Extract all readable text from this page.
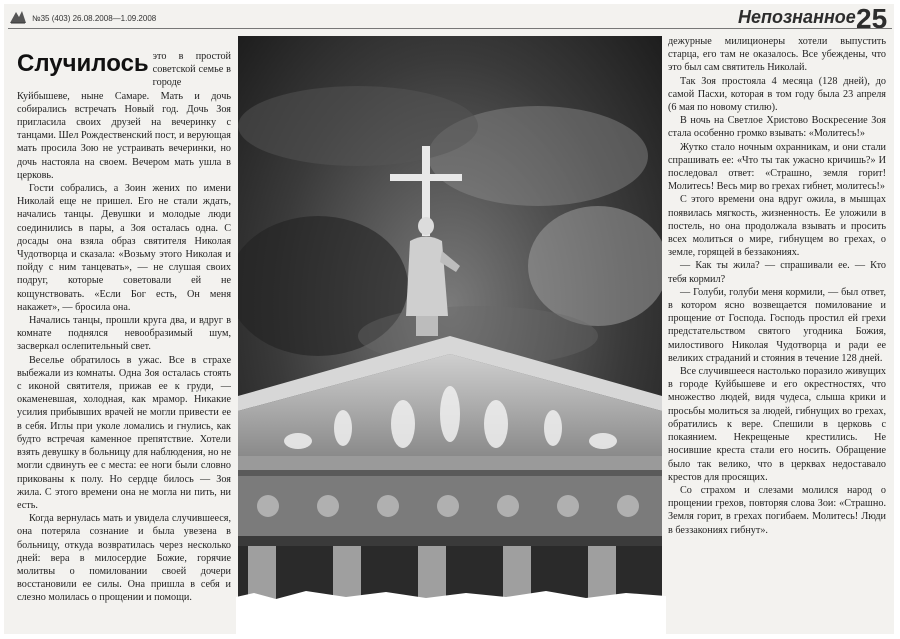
№35 (403) 26.08.2008—1.09.2008	Непознанное 25

Случилось это в простой советской семье в городе Куйбышеве, ныне Самаре. Мать и дочь собирались встречать Новый год. Дочь Зоя пригласила своих друзей на вечеринку с танцами. Шел Рождественский пост, и верующая мать просила Зою не устраивать вечеринки, но дочь настояла на своем. Вечером мать ушла в церковь.

Гости собрались, а Зоин жених по имени Николай еще не пришел. Его не стали ждать, начались танцы. Девушки и молодые люди соединились в пары, а Зоя осталась одна. С досады она взяла образ святителя Николая Чудотворца и сказала: «Возьму этого Николая и пойду с ним танцевать», — не слушая своих подруг, которые советовали ей не кощунствовать. «Если Бог есть, Он меня накажет», — бросила она.

Начались танцы, прошли круга два, и вдруг в комнате поднялся невообразимый шум, засверкал ослепительный свет.

Веселье обратилось в ужас. Все в страхе выбежали из комнаты. Одна Зоя осталась стоять с иконой святителя, прижав ее к груди, — окаменевшая, холодная, как мрамор. Никакие усилия прибывших врачей не могли привести ее в себя. Иглы при уколе ломались и гнулись, как будто встречая каменное препятствие. Хотели взять девушку в больницу для наблюдения, но не могли сдвинуть ее с места: ее ноги были словно прикованы к полу. Но сердце билось — Зоя жила. С этого времени она не могла ни пить, ни есть.

Когда вернулась мать и увидела случившееся, она потеряла сознание и была увезена в больницу, откуда возвратилась через несколько дней: вера в милосердие Божие, горячие молитвы о помиловании своей дочери восстановили ее силы. Она пришла в себя и слезно молилась о прощении и помощи.

дежурные милиционеры хотели выпустить старца, его там не оказалось. Все убеждены, что это был сам святитель Николай.

Так Зоя простояла 4 месяца (128 дней), до самой Пасхи, которая в том году была 23 апреля (6 мая по новому стилю).

В ночь на Светлое Христово Воскресение Зоя стала особенно громко взывать: «Молитесь!»

Жутко стало ночным охранникам, и они стали спрашивать ее: «Что ты так ужасно кричишь?» И последовал ответ: «Страшно, земля горит! Молитесь! Весь мир во грехах гибнет, молитесь!»

С этого времени она вдруг ожила, в мышцах появилась мягкость, жизненность. Ее уложили в постель, но она продолжала взывать и просить всех молиться о мире, гибнущем во грехах, о земле, горящей в беззакониях.

— Как ты жила? — спрашивали ее. — Кто тебя кормил?

— Голуби, голуби меня кормили, — был ответ, в котором ясно возвещается помилование и прощение от Господа. Господь простил ей грехи предстательством святого угодника Божия, милостивого Николая Чудотворца и ради ее великих страданий и стояния в течение 128 дней.

Все случившееся настолько поразило живущих в городе Куйбышеве и его окрестностях, что множество людей, видя чудеса, слыша крики и просьбы молиться за людей, гибнущих во грехах, обратились к вере. Спешили в церковь с покаянием. Некрещеные крестились. Не носившие креста стали его носить. Обращение было так велико, что в церквах недоставало крестов для просящих.

Со страхом и слезами молился народ о прощении грехов, повторяя слова Зои: «Страшно. Земля горит, в грехах погибаем. Молитесь! Люди в беззакониях гибнут».
